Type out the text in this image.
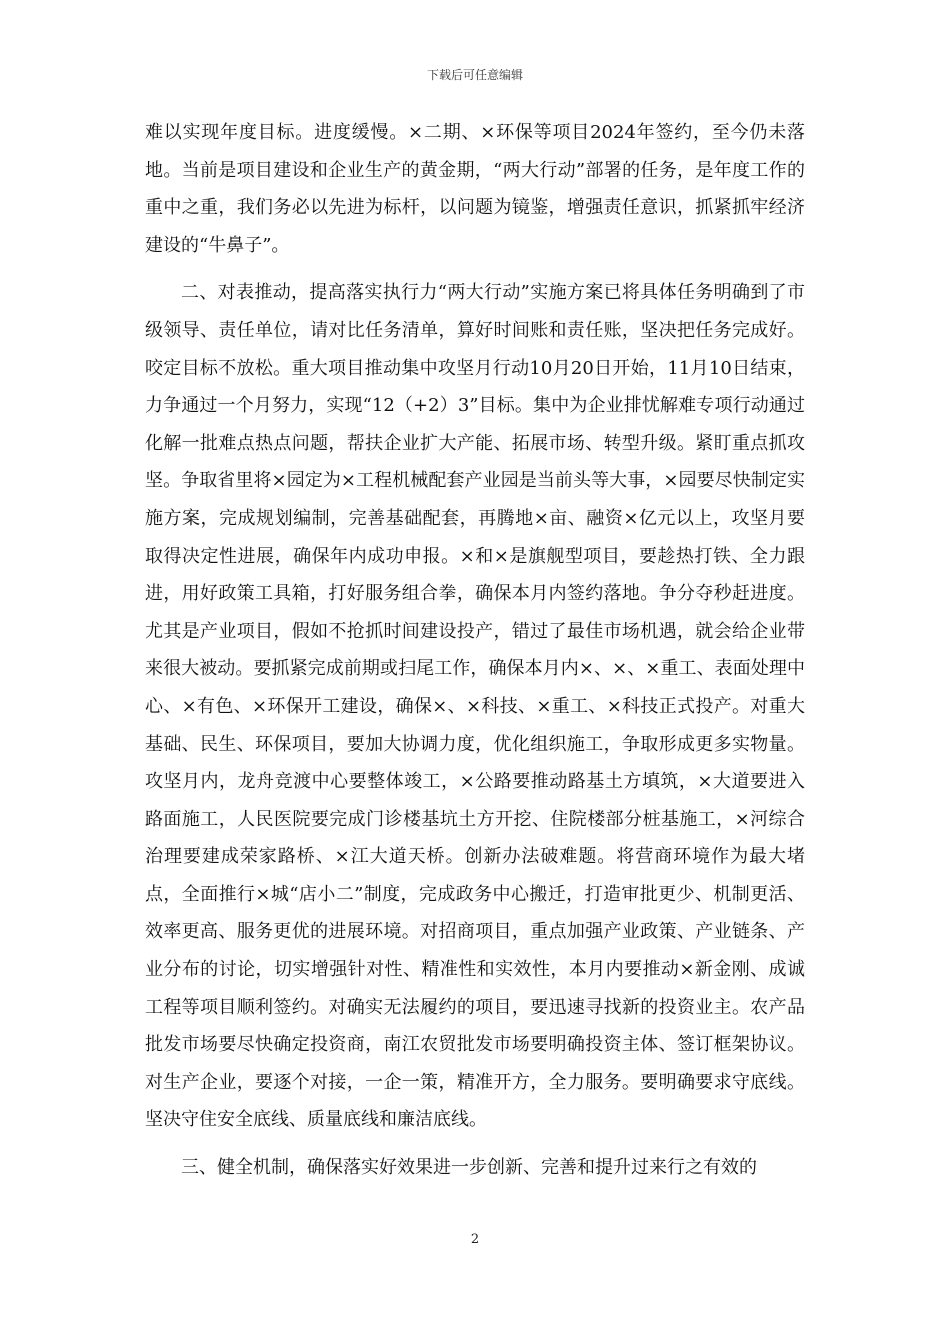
下载后可任意编辑

难以实现年度目标。进度缓慢。×二期、×环保等项目2024年签约，至今仍未落地。当前是项目建设和企业生产的黄金期，“两大行动”部署的任务，是年度工作的重中之重，我们务必以先进为标杆，以问题为镜鉴，增强责任意识，抓紧抓牢经济建设的“牛鼻子”。

二、对表推动，提高落实执行力“两大行动”实施方案已将具体任务明确到了市级领导、责任单位，请对比任务清单，算好时间账和责任账，坚决把任务完成好。咬定目标不放松。重大项目推动集中攻坚月行动10月20日开始，11月10日结束，力争通过一个月努力，实现“12（+2）3”目标。集中为企业排忧解难专项行动通过化解一批难点热点问题，帮扶企业扩大产能、拓展市场、转型升级。紧盯重点抓攻坚。争取省里将×园定为×工程机械配套产业园是当前头等大事，×园要尽快制定实施方案，完成规划编制，完善基础配套，再腾地×亩、融资×亿元以上，攻坚月要取得决定性进展，确保年内成功申报。×和×是旗舰型项目，要趁热打铁、全力跟进，用好政策工具箱，打好服务组合拳，确保本月内签约落地。争分夺秒赶进度。尤其是产业项目，假如不抢抓时间建设投产，错过了最佳市场机遇，就会给企业带来很大被动。要抓紧完成前期或扫尾工作，确保本月内×、×、×重工、表面处理中心、×有色、×环保开工建设，确保×、×科技、×重工、×科技正式投产。对重大基础、民生、环保项目，要加大协调力度，优化组织施工，争取形成更多实物量。攻坚月内，龙舟竞渡中心要整体竣工，×公路要推动路基土方填筑，×大道要进入路面施工，人民医院要完成门诊楼基坑土方开挖、住院楼部分桩基施工，×河综合治理要建成荣家路桥、×江大道天桥。创新办法破难题。将营商环境作为最大堵点，全面推行×城“店小二”制度，完成政务中心搬迁，打造审批更少、机制更活、效率更高、服务更优的进展环境。对招商项目，重点加强产业政策、产业链条、产业分布的讨论，切实增强针对性、精准性和实效性，本月内要推动×新金刚、成诚工程等项目顺利签约。对确实无法履约的项目，要迅速寻找新的投资业主。农产品批发市场要尽快确定投资商，南江农贸批发市场要明确投资主体、签订框架协议。对生产企业，要逐个对接，一企一策，精准开方，全力服务。要明确要求守底线。坚决守住安全底线、质量底线和廉洁底线。

三、健全机制，确保落实好效果进一步创新、完善和提升过来行之有效的

2
